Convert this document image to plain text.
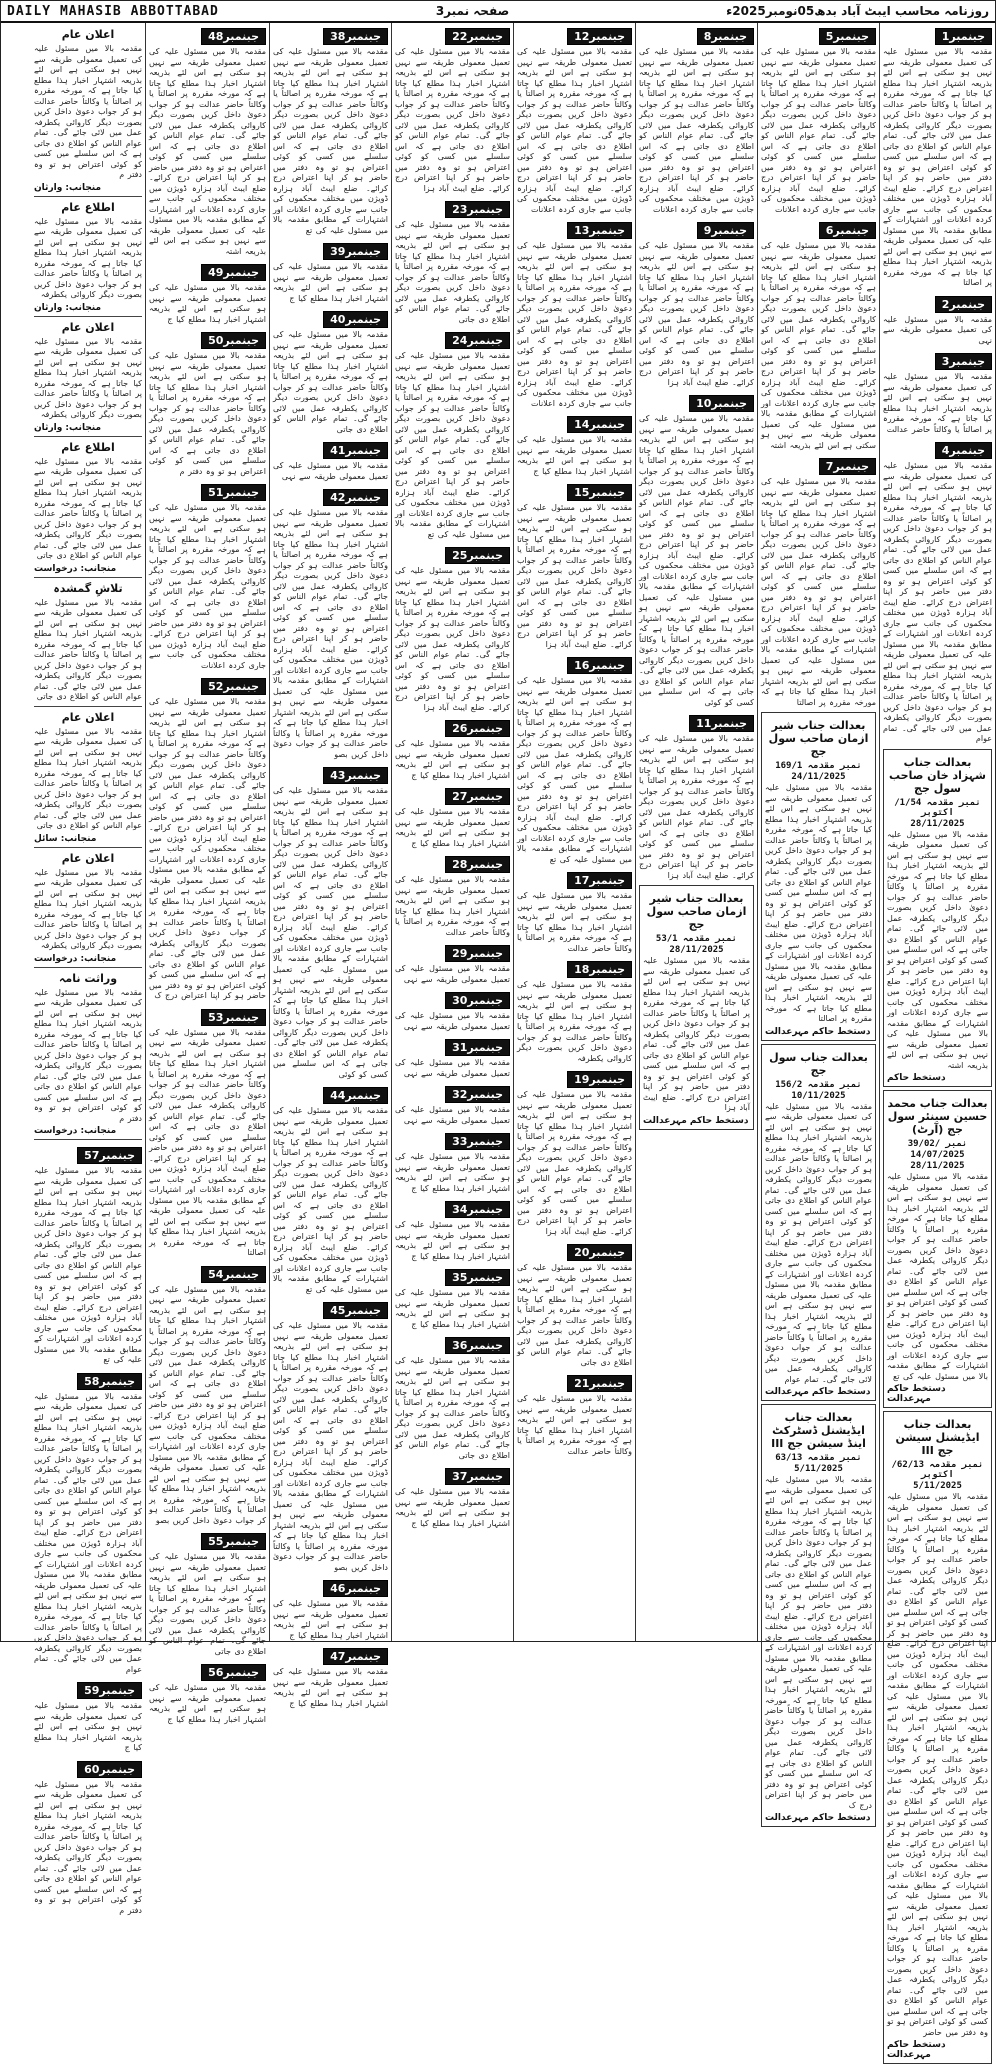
DAILY MAHASIB ABBOTTABAD	صفحہ نمبر3	روزنامہ محاسب ایبٹ آباد بدھ05نومبر2025ء
جبنمبر1
مقدمہ بالا میں مسئول علیہ کی تعمیل معمولی طریقہ سے نہیں ہو سکتی ہے اس لئے بذریعہ اشتہار اخبار ہذا مطلع کیا جاتا ہے کہ مورخہ مقررہ پر اصالتاً یا وکالتاً حاضر عدالت ہو کر جواب دعویٰ داخل کریں بصورت دیگر کاروائی یکطرفہ عمل میں لائی جائے گی۔ تمام عوام الناس کو اطلاع دی جاتی ہے کہ اس سلسلے میں کسی کو کوئی اعتراض ہو تو وہ دفتر میں حاضر ہو کر اپنا اعتراض درج کرائے۔ ضلع ایبٹ آباد ہزارہ ڈویژن میں مختلف محکموں کی جانب سے جاری کردہ اعلانات اور اشتہارات کے مطابق مقدمہ بالا میں مسئول علیہ کی تعمیل معمولی طریقہ سے نہیں ہو سکتی ہے اس لئے بذریعہ اشتہار اخبار ہذا مطلع کیا جاتا ہے کہ مورخہ مقررہ پر اصالتا
جبنمبر2
مقدمہ بالا میں مسئول علیہ کی تعمیل معمولی طریقہ سے نہی
جبنمبر3
مقدمہ بالا میں مسئول علیہ کی تعمیل معمولی طریقہ سے نہیں ہو سکتی ہے اس لئے بذریعہ اشتہار اخبار ہذا مطلع کیا جاتا ہے کہ مورخہ مقررہ پر اصالتاً یا وکالتاً حاضر عدالت
جبنمبر4
مقدمہ بالا میں مسئول علیہ کی تعمیل معمولی طریقہ سے نہیں ہو سکتی ہے اس لئے بذریعہ اشتہار اخبار ہذا مطلع کیا جاتا ہے کہ مورخہ مقررہ پر اصالتاً یا وکالتاً حاضر عدالت ہو کر جواب دعویٰ داخل کریں بصورت دیگر کاروائی یکطرفہ عمل میں لائی جائے گی۔ تمام عوام الناس کو اطلاع دی جاتی ہے کہ اس سلسلے میں کسی کو کوئی اعتراض ہو تو وہ دفتر میں حاضر ہو کر اپنا اعتراض درج کرائے۔ ضلع ایبٹ آباد ہزارہ ڈویژن میں مختلف محکموں کی جانب سے جاری کردہ اعلانات اور اشتہارات کے مطابق مقدمہ بالا میں مسئول علیہ کی تعمیل معمولی طریقہ سے نہیں ہو سکتی ہے اس لئے بذریعہ اشتہار اخبار ہذا مطلع کیا جاتا ہے کہ مورخہ مقررہ پر اصالتاً یا وکالتاً حاضر عدالت ہو کر جواب دعویٰ داخل کریں بصورت دیگر کاروائی یکطرفہ عمل میں لائی جائے گی۔ تمام عوام
بعدالت جناب شہزاد خان صاحب سول جج
نمبر مقدمہ 1/54/اکتوبر
28/11/2025
مقدمہ بالا میں مسئول علیہ کی تعمیل معمولی طریقہ سے نہیں ہو سکتی ہے اس لئے بذریعہ اشتہار اخبار ہذا مطلع کیا جاتا ہے کہ مورخہ مقررہ پر اصالتاً یا وکالتاً حاضر عدالت ہو کر جواب دعویٰ داخل کریں بصورت دیگر کاروائی یکطرفہ عمل میں لائی جائے گی۔ تمام عوام الناس کو اطلاع دی جاتی ہے کہ اس سلسلے میں کسی کو کوئی اعتراض ہو تو وہ دفتر میں حاضر ہو کر اپنا اعتراض درج کرائے۔ ضلع ایبٹ آباد ہزارہ ڈویژن میں مختلف محکموں کی جانب سے جاری کردہ اعلانات اور اشتہارات کے مطابق مقدمہ بالا میں مسئول علیہ کی تعمیل معمولی طریقہ سے نہیں ہو سکتی ہے اس لئے بذریعہ اشتہ
دستخط حاکم
بعدالت جناب محمد حسین سینئر سول جج (آرٹ)
39/02/ نمبر
14/07/2025
28/11/2025
مقدمہ بالا میں مسئول علیہ کی تعمیل معمولی طریقہ سے نہیں ہو سکتی ہے اس لئے بذریعہ اشتہار اخبار ہذا مطلع کیا جاتا ہے کہ مورخہ مقررہ پر اصالتاً یا وکالتاً حاضر عدالت ہو کر جواب دعویٰ داخل کریں بصورت دیگر کاروائی یکطرفہ عمل میں لائی جائے گی۔ تمام عوام الناس کو اطلاع دی جاتی ہے کہ اس سلسلے میں کسی کو کوئی اعتراض ہو تو وہ دفتر میں حاضر ہو کر اپنا اعتراض درج کرائے۔ ضلع ایبٹ آباد ہزارہ ڈویژن میں مختلف محکموں کی جانب سے جاری کردہ اعلانات اور اشتہارات کے مطابق مقدمہ بالا میں مسئول علیہ کی تع
دستخط حاکم مہرعدالت
بعدالت جناب ایڈیشنل سیشن جج III
نمبر مقدمہ 62/13/ اکتوبر
5/11/2025
مقدمہ بالا میں مسئول علیہ کی تعمیل معمولی طریقہ سے نہیں ہو سکتی ہے اس لئے بذریعہ اشتہار اخبار ہذا مطلع کیا جاتا ہے کہ مورخہ مقررہ پر اصالتاً یا وکالتاً حاضر عدالت ہو کر جواب دعویٰ داخل کریں بصورت دیگر کاروائی یکطرفہ عمل میں لائی جائے گی۔ تمام عوام الناس کو اطلاع دی جاتی ہے کہ اس سلسلے میں کسی کو کوئی اعتراض ہو تو وہ دفتر میں حاضر ہو کر اپنا اعتراض درج کرائے۔ ضلع ایبٹ آباد ہزارہ ڈویژن میں مختلف محکموں کی جانب سے جاری کردہ اعلانات اور اشتہارات کے مطابق مقدمہ بالا میں مسئول علیہ کی تعمیل معمولی طریقہ سے نہیں ہو سکتی ہے اس لئے بذریعہ اشتہار اخبار ہذا مطلع کیا جاتا ہے کہ مورخہ مقررہ پر اصالتاً یا وکالتاً حاضر عدالت ہو کر جواب دعویٰ داخل کریں بصورت دیگر کاروائی یکطرفہ عمل میں لائی جائے گی۔ تمام عوام الناس کو اطلاع دی جاتی ہے کہ اس سلسلے میں کسی کو کوئی اعتراض ہو تو وہ دفتر میں حاضر ہو کر اپنا اعتراض درج کرائے۔ ضلع ایبٹ آباد ہزارہ ڈویژن میں مختلف محکموں کی جانب سے جاری کردہ اعلانات اور اشتہارات کے مطابق مقدمہ بالا میں مسئول علیہ کی تعمیل معمولی طریقہ سے نہیں ہو سکتی ہے اس لئے بذریعہ اشتہار اخبار ہذا مطلع کیا جاتا ہے کہ مورخہ مقررہ پر اصالتاً یا وکالتاً حاضر عدالت ہو کر جواب دعویٰ داخل کریں بصورت دیگر کاروائی یکطرفہ عمل میں لائی جائے گی۔ تمام عوام الناس کو اطلاع دی جاتی ہے کہ اس سلسلے میں کسی کو کوئی اعتراض ہو تو وہ دفتر میں حاضر
دستخط حاکم مہرعدالت
جبنمبر5
مقدمہ بالا میں مسئول علیہ کی تعمیل معمولی طریقہ سے نہیں ہو سکتی ہے اس لئے بذریعہ اشتہار اخبار ہذا مطلع کیا جاتا ہے کہ مورخہ مقررہ پر اصالتاً یا وکالتاً حاضر عدالت ہو کر جواب دعویٰ داخل کریں بصورت دیگر کاروائی یکطرفہ عمل میں لائی جائے گی۔ تمام عوام الناس کو اطلاع دی جاتی ہے کہ اس سلسلے میں کسی کو کوئی اعتراض ہو تو وہ دفتر میں حاضر ہو کر اپنا اعتراض درج کرائے۔ ضلع ایبٹ آباد ہزارہ ڈویژن میں مختلف محکموں کی جانب سے جاری کردہ اعلانات
جبنمبر6
مقدمہ بالا میں مسئول علیہ کی تعمیل معمولی طریقہ سے نہیں ہو سکتی ہے اس لئے بذریعہ اشتہار اخبار ہذا مطلع کیا جاتا ہے کہ مورخہ مقررہ پر اصالتاً یا وکالتاً حاضر عدالت ہو کر جواب دعویٰ داخل کریں بصورت دیگر کاروائی یکطرفہ عمل میں لائی جائے گی۔ تمام عوام الناس کو اطلاع دی جاتی ہے کہ اس سلسلے میں کسی کو کوئی اعتراض ہو تو وہ دفتر میں حاضر ہو کر اپنا اعتراض درج کرائے۔ ضلع ایبٹ آباد ہزارہ ڈویژن میں مختلف محکموں کی جانب سے جاری کردہ اعلانات اور اشتہارات کے مطابق مقدمہ بالا میں مسئول علیہ کی تعمیل معمولی طریقہ سے نہیں ہو سکتی ہے اس لئے بذریعہ اشتہ
جبنمبر7
مقدمہ بالا میں مسئول علیہ کی تعمیل معمولی طریقہ سے نہیں ہو سکتی ہے اس لئے بذریعہ اشتہار اخبار ہذا مطلع کیا جاتا ہے کہ مورخہ مقررہ پر اصالتاً یا وکالتاً حاضر عدالت ہو کر جواب دعویٰ داخل کریں بصورت دیگر کاروائی یکطرفہ عمل میں لائی جائے گی۔ تمام عوام الناس کو اطلاع دی جاتی ہے کہ اس سلسلے میں کسی کو کوئی اعتراض ہو تو وہ دفتر میں حاضر ہو کر اپنا اعتراض درج کرائے۔ ضلع ایبٹ آباد ہزارہ ڈویژن میں مختلف محکموں کی جانب سے جاری کردہ اعلانات اور اشتہارات کے مطابق مقدمہ بالا میں مسئول علیہ کی تعمیل معمولی طریقہ سے نہیں ہو سکتی ہے اس لئے بذریعہ اشتہار اخبار ہذا مطلع کیا جاتا ہے کہ مورخہ مقررہ پر اصالتا
بعدالت جناب شیر ازمان صاحب سول جج
169/1 نمبر مقدمہ
24/11/2025
مقدمہ بالا میں مسئول علیہ کی تعمیل معمولی طریقہ سے نہیں ہو سکتی ہے اس لئے بذریعہ اشتہار اخبار ہذا مطلع کیا جاتا ہے کہ مورخہ مقررہ پر اصالتاً یا وکالتاً حاضر عدالت ہو کر جواب دعویٰ داخل کریں بصورت دیگر کاروائی یکطرفہ عمل میں لائی جائے گی۔ تمام عوام الناس کو اطلاع دی جاتی ہے کہ اس سلسلے میں کسی کو کوئی اعتراض ہو تو وہ دفتر میں حاضر ہو کر اپنا اعتراض درج کرائے۔ ضلع ایبٹ آباد ہزارہ ڈویژن میں مختلف محکموں کی جانب سے جاری کردہ اعلانات اور اشتہارات کے مطابق مقدمہ بالا میں مسئول علیہ کی تعمیل معمولی طریقہ سے نہیں ہو سکتی ہے اس لئے بذریعہ اشتہار اخبار ہذا مطلع کیا جاتا ہے کہ مورخہ مقررہ پر اصالتا
دستخط حاکم مہرعدالت
بعدالت جناب سول جج
156/2 نمبر مقدمہ
10/11/2025
مقدمہ بالا میں مسئول علیہ کی تعمیل معمولی طریقہ سے نہیں ہو سکتی ہے اس لئے بذریعہ اشتہار اخبار ہذا مطلع کیا جاتا ہے کہ مورخہ مقررہ پر اصالتاً یا وکالتاً حاضر عدالت ہو کر جواب دعویٰ داخل کریں بصورت دیگر کاروائی یکطرفہ عمل میں لائی جائے گی۔ تمام عوام الناس کو اطلاع دی جاتی ہے کہ اس سلسلے میں کسی کو کوئی اعتراض ہو تو وہ دفتر میں حاضر ہو کر اپنا اعتراض درج کرائے۔ ضلع ایبٹ آباد ہزارہ ڈویژن میں مختلف محکموں کی جانب سے جاری کردہ اعلانات اور اشتہارات کے مطابق مقدمہ بالا میں مسئول علیہ کی تعمیل معمولی طریقہ سے نہیں ہو سکتی ہے اس لئے بذریعہ اشتہار اخبار ہذا مطلع کیا جاتا ہے کہ مورخہ مقررہ پر اصالتاً یا وکالتاً حاضر عدالت ہو کر جواب دعویٰ داخل کریں بصورت دیگر کاروائی یکطرفہ عمل میں لائی جائے گی۔ تمام عوام
دستخط حاکم مہرعدالت
بعدالت جناب ایڈیشنل ڈسٹرکٹ اینڈ سیشن جج III
63/13 نمبر مقدمہ
5/11/2025
مقدمہ بالا میں مسئول علیہ کی تعمیل معمولی طریقہ سے نہیں ہو سکتی ہے اس لئے بذریعہ اشتہار اخبار ہذا مطلع کیا جاتا ہے کہ مورخہ مقررہ پر اصالتاً یا وکالتاً حاضر عدالت ہو کر جواب دعویٰ داخل کریں بصورت دیگر کاروائی یکطرفہ عمل میں لائی جائے گی۔ تمام عوام الناس کو اطلاع دی جاتی ہے کہ اس سلسلے میں کسی کو کوئی اعتراض ہو تو وہ دفتر میں حاضر ہو کر اپنا اعتراض درج کرائے۔ ضلع ایبٹ آباد ہزارہ ڈویژن میں مختلف محکموں کی جانب سے جاری کردہ اعلانات اور اشتہارات کے مطابق مقدمہ بالا میں مسئول علیہ کی تعمیل معمولی طریقہ سے نہیں ہو سکتی ہے اس لئے بذریعہ اشتہار اخبار ہذا مطلع کیا جاتا ہے کہ مورخہ مقررہ پر اصالتاً یا وکالتاً حاضر عدالت ہو کر جواب دعویٰ داخل کریں بصورت دیگر کاروائی یکطرفہ عمل میں لائی جائے گی۔ تمام عوام الناس کو اطلاع دی جاتی ہے کہ اس سلسلے میں کسی کو کوئی اعتراض ہو تو وہ دفتر میں حاضر ہو کر اپنا اعتراض درج ک
دستخط حاکم مہرعدالت
جبنمبر8
مقدمہ بالا میں مسئول علیہ کی تعمیل معمولی طریقہ سے نہیں ہو سکتی ہے اس لئے بذریعہ اشتہار اخبار ہذا مطلع کیا جاتا ہے کہ مورخہ مقررہ پر اصالتاً یا وکالتاً حاضر عدالت ہو کر جواب دعویٰ داخل کریں بصورت دیگر کاروائی یکطرفہ عمل میں لائی جائے گی۔ تمام عوام الناس کو اطلاع دی جاتی ہے کہ اس سلسلے میں کسی کو کوئی اعتراض ہو تو وہ دفتر میں حاضر ہو کر اپنا اعتراض درج کرائے۔ ضلع ایبٹ آباد ہزارہ ڈویژن میں مختلف محکموں کی جانب سے جاری کردہ اعلانات
جبنمبر9
مقدمہ بالا میں مسئول علیہ کی تعمیل معمولی طریقہ سے نہیں ہو سکتی ہے اس لئے بذریعہ اشتہار اخبار ہذا مطلع کیا جاتا ہے کہ مورخہ مقررہ پر اصالتاً یا وکالتاً حاضر عدالت ہو کر جواب دعویٰ داخل کریں بصورت دیگر کاروائی یکطرفہ عمل میں لائی جائے گی۔ تمام عوام الناس کو اطلاع دی جاتی ہے کہ اس سلسلے میں کسی کو کوئی اعتراض ہو تو وہ دفتر میں حاضر ہو کر اپنا اعتراض درج کرائے۔ ضلع ایبٹ آباد ہزا
جبنمبر10
مقدمہ بالا میں مسئول علیہ کی تعمیل معمولی طریقہ سے نہیں ہو سکتی ہے اس لئے بذریعہ اشتہار اخبار ہذا مطلع کیا جاتا ہے کہ مورخہ مقررہ پر اصالتاً یا وکالتاً حاضر عدالت ہو کر جواب دعویٰ داخل کریں بصورت دیگر کاروائی یکطرفہ عمل میں لائی جائے گی۔ تمام عوام الناس کو اطلاع دی جاتی ہے کہ اس سلسلے میں کسی کو کوئی اعتراض ہو تو وہ دفتر میں حاضر ہو کر اپنا اعتراض درج کرائے۔ ضلع ایبٹ آباد ہزارہ ڈویژن میں مختلف محکموں کی جانب سے جاری کردہ اعلانات اور اشتہارات کے مطابق مقدمہ بالا میں مسئول علیہ کی تعمیل معمولی طریقہ سے نہیں ہو سکتی ہے اس لئے بذریعہ اشتہار اخبار ہذا مطلع کیا جاتا ہے کہ مورخہ مقررہ پر اصالتاً یا وکالتاً حاضر عدالت ہو کر جواب دعویٰ داخل کریں بصورت دیگر کاروائی یکطرفہ عمل میں لائی جائے گی۔ تمام عوام الناس کو اطلاع دی جاتی ہے کہ اس سلسلے میں کسی کو کوئی
جبنمبر11
مقدمہ بالا میں مسئول علیہ کی تعمیل معمولی طریقہ سے نہیں ہو سکتی ہے اس لئے بذریعہ اشتہار اخبار ہذا مطلع کیا جاتا ہے کہ مورخہ مقررہ پر اصالتاً یا وکالتاً حاضر عدالت ہو کر جواب دعویٰ داخل کریں بصورت دیگر کاروائی یکطرفہ عمل میں لائی جائے گی۔ تمام عوام الناس کو اطلاع دی جاتی ہے کہ اس سلسلے میں کسی کو کوئی اعتراض ہو تو وہ دفتر میں حاضر ہو کر اپنا اعتراض درج کرائے۔ ضلع ایبٹ آباد ہزا
بعدالت جناب شیر ازمان صاحب سول جج
53/1 نمبر مقدمہ
28/11/2025
مقدمہ بالا میں مسئول علیہ کی تعمیل معمولی طریقہ سے نہیں ہو سکتی ہے اس لئے بذریعہ اشتہار اخبار ہذا مطلع کیا جاتا ہے کہ مورخہ مقررہ پر اصالتاً یا وکالتاً حاضر عدالت ہو کر جواب دعویٰ داخل کریں بصورت دیگر کاروائی یکطرفہ عمل میں لائی جائے گی۔ تمام عوام الناس کو اطلاع دی جاتی ہے کہ اس سلسلے میں کسی کو کوئی اعتراض ہو تو وہ دفتر میں حاضر ہو کر اپنا اعتراض درج کرائے۔ ضلع ایبٹ آباد ہزا
دستخط حاکم مہرعدالت
جبنمبر12
مقدمہ بالا میں مسئول علیہ کی تعمیل معمولی طریقہ سے نہیں ہو سکتی ہے اس لئے بذریعہ اشتہار اخبار ہذا مطلع کیا جاتا ہے کہ مورخہ مقررہ پر اصالتاً یا وکالتاً حاضر عدالت ہو کر جواب دعویٰ داخل کریں بصورت دیگر کاروائی یکطرفہ عمل میں لائی جائے گی۔ تمام عوام الناس کو اطلاع دی جاتی ہے کہ اس سلسلے میں کسی کو کوئی اعتراض ہو تو وہ دفتر میں حاضر ہو کر اپنا اعتراض درج کرائے۔ ضلع ایبٹ آباد ہزارہ ڈویژن میں مختلف محکموں کی جانب سے جاری کردہ اعلانات
جبنمبر13
مقدمہ بالا میں مسئول علیہ کی تعمیل معمولی طریقہ سے نہیں ہو سکتی ہے اس لئے بذریعہ اشتہار اخبار ہذا مطلع کیا جاتا ہے کہ مورخہ مقررہ پر اصالتاً یا وکالتاً حاضر عدالت ہو کر جواب دعویٰ داخل کریں بصورت دیگر کاروائی یکطرفہ عمل میں لائی جائے گی۔ تمام عوام الناس کو اطلاع دی جاتی ہے کہ اس سلسلے میں کسی کو کوئی اعتراض ہو تو وہ دفتر میں حاضر ہو کر اپنا اعتراض درج کرائے۔ ضلع ایبٹ آباد ہزارہ ڈویژن میں مختلف محکموں کی جانب سے جاری کردہ اعلانات
جبنمبر14
مقدمہ بالا میں مسئول علیہ کی تعمیل معمولی طریقہ سے نہیں ہو سکتی ہے اس لئے بذریعہ اشتہار اخبار ہذا مطلع کیا ج
جبنمبر15
مقدمہ بالا میں مسئول علیہ کی تعمیل معمولی طریقہ سے نہیں ہو سکتی ہے اس لئے بذریعہ اشتہار اخبار ہذا مطلع کیا جاتا ہے کہ مورخہ مقررہ پر اصالتاً یا وکالتاً حاضر عدالت ہو کر جواب دعویٰ داخل کریں بصورت دیگر کاروائی یکطرفہ عمل میں لائی جائے گی۔ تمام عوام الناس کو اطلاع دی جاتی ہے کہ اس سلسلے میں کسی کو کوئی اعتراض ہو تو وہ دفتر میں حاضر ہو کر اپنا اعتراض درج کرائے۔ ضلع ایبٹ آباد ہزا
جبنمبر16
مقدمہ بالا میں مسئول علیہ کی تعمیل معمولی طریقہ سے نہیں ہو سکتی ہے اس لئے بذریعہ اشتہار اخبار ہذا مطلع کیا جاتا ہے کہ مورخہ مقررہ پر اصالتاً یا وکالتاً حاضر عدالت ہو کر جواب دعویٰ داخل کریں بصورت دیگر کاروائی یکطرفہ عمل میں لائی جائے گی۔ تمام عوام الناس کو اطلاع دی جاتی ہے کہ اس سلسلے میں کسی کو کوئی اعتراض ہو تو وہ دفتر میں حاضر ہو کر اپنا اعتراض درج کرائے۔ ضلع ایبٹ آباد ہزارہ ڈویژن میں مختلف محکموں کی جانب سے جاری کردہ اعلانات اور اشتہارات کے مطابق مقدمہ بالا میں مسئول علیہ کی تع
جبنمبر17
مقدمہ بالا میں مسئول علیہ کی تعمیل معمولی طریقہ سے نہیں ہو سکتی ہے اس لئے بذریعہ اشتہار اخبار ہذا مطلع کیا جاتا ہے کہ مورخہ مقررہ پر اصالتاً یا وکالتاً حاضر عدالت
جبنمبر18
مقدمہ بالا میں مسئول علیہ کی تعمیل معمولی طریقہ سے نہیں ہو سکتی ہے اس لئے بذریعہ اشتہار اخبار ہذا مطلع کیا جاتا ہے کہ مورخہ مقررہ پر اصالتاً یا وکالتاً حاضر عدالت ہو کر جواب دعویٰ داخل کریں بصورت دیگر کاروائی یکطرفہ
جبنمبر19
مقدمہ بالا میں مسئول علیہ کی تعمیل معمولی طریقہ سے نہیں ہو سکتی ہے اس لئے بذریعہ اشتہار اخبار ہذا مطلع کیا جاتا ہے کہ مورخہ مقررہ پر اصالتاً یا وکالتاً حاضر عدالت ہو کر جواب دعویٰ داخل کریں بصورت دیگر کاروائی یکطرفہ عمل میں لائی جائے گی۔ تمام عوام الناس کو اطلاع دی جاتی ہے کہ اس سلسلے میں کسی کو کوئی اعتراض ہو تو وہ دفتر میں حاضر ہو کر اپنا اعتراض درج کرائے۔ ضلع ایبٹ آباد ہزا
جبنمبر20
مقدمہ بالا میں مسئول علیہ کی تعمیل معمولی طریقہ سے نہیں ہو سکتی ہے اس لئے بذریعہ اشتہار اخبار ہذا مطلع کیا جاتا ہے کہ مورخہ مقررہ پر اصالتاً یا وکالتاً حاضر عدالت ہو کر جواب دعویٰ داخل کریں بصورت دیگر کاروائی یکطرفہ عمل میں لائی جائے گی۔ تمام عوام الناس کو اطلاع دی جاتی
جبنمبر21
مقدمہ بالا میں مسئول علیہ کی تعمیل معمولی طریقہ سے نہیں ہو سکتی ہے اس لئے بذریعہ اشتہار اخبار ہذا مطلع کیا جاتا ہے کہ مورخہ مقررہ پر اصالتاً یا وکالتاً حاضر عدالت
جبنمبر22
مقدمہ بالا میں مسئول علیہ کی تعمیل معمولی طریقہ سے نہیں ہو سکتی ہے اس لئے بذریعہ اشتہار اخبار ہذا مطلع کیا جاتا ہے کہ مورخہ مقررہ پر اصالتاً یا وکالتاً حاضر عدالت ہو کر جواب دعویٰ داخل کریں بصورت دیگر کاروائی یکطرفہ عمل میں لائی جائے گی۔ تمام عوام الناس کو اطلاع دی جاتی ہے کہ اس سلسلے میں کسی کو کوئی اعتراض ہو تو وہ دفتر میں حاضر ہو کر اپنا اعتراض درج کرائے۔ ضلع ایبٹ آباد ہزا
جبنمبر23
مقدمہ بالا میں مسئول علیہ کی تعمیل معمولی طریقہ سے نہیں ہو سکتی ہے اس لئے بذریعہ اشتہار اخبار ہذا مطلع کیا جاتا ہے کہ مورخہ مقررہ پر اصالتاً یا وکالتاً حاضر عدالت ہو کر جواب دعویٰ داخل کریں بصورت دیگر کاروائی یکطرفہ عمل میں لائی جائے گی۔ تمام عوام الناس کو اطلاع دی جاتی
جبنمبر24
مقدمہ بالا میں مسئول علیہ کی تعمیل معمولی طریقہ سے نہیں ہو سکتی ہے اس لئے بذریعہ اشتہار اخبار ہذا مطلع کیا جاتا ہے کہ مورخہ مقررہ پر اصالتاً یا وکالتاً حاضر عدالت ہو کر جواب دعویٰ داخل کریں بصورت دیگر کاروائی یکطرفہ عمل میں لائی جائے گی۔ تمام عوام الناس کو اطلاع دی جاتی ہے کہ اس سلسلے میں کسی کو کوئی اعتراض ہو تو وہ دفتر میں حاضر ہو کر اپنا اعتراض درج کرائے۔ ضلع ایبٹ آباد ہزارہ ڈویژن میں مختلف محکموں کی جانب سے جاری کردہ اعلانات اور اشتہارات کے مطابق مقدمہ بالا میں مسئول علیہ کی تع
جبنمبر25
مقدمہ بالا میں مسئول علیہ کی تعمیل معمولی طریقہ سے نہیں ہو سکتی ہے اس لئے بذریعہ اشتہار اخبار ہذا مطلع کیا جاتا ہے کہ مورخہ مقررہ پر اصالتاً یا وکالتاً حاضر عدالت ہو کر جواب دعویٰ داخل کریں بصورت دیگر کاروائی یکطرفہ عمل میں لائی جائے گی۔ تمام عوام الناس کو اطلاع دی جاتی ہے کہ اس سلسلے میں کسی کو کوئی اعتراض ہو تو وہ دفتر میں حاضر ہو کر اپنا اعتراض درج کرائے۔ ضلع ایبٹ آباد ہزا
جبنمبر26
مقدمہ بالا میں مسئول علیہ کی تعمیل معمولی طریقہ سے نہیں ہو سکتی ہے اس لئے بذریعہ اشتہار اخبار ہذا مطلع کیا ج
جبنمبر27
مقدمہ بالا میں مسئول علیہ کی تعمیل معمولی طریقہ سے نہیں ہو سکتی ہے اس لئے بذریعہ اشتہار اخبار ہذا مطلع کیا ج
جبنمبر28
مقدمہ بالا میں مسئول علیہ کی تعمیل معمولی طریقہ سے نہیں ہو سکتی ہے اس لئے بذریعہ اشتہار اخبار ہذا مطلع کیا جاتا ہے کہ مورخہ مقررہ پر اصالتاً یا وکالتاً حاضر عدالت
جبنمبر29
مقدمہ بالا میں مسئول علیہ کی تعمیل معمولی طریقہ سے نہی
جبنمبر30
مقدمہ بالا میں مسئول علیہ کی تعمیل معمولی طریقہ سے نہی
جبنمبر31
مقدمہ بالا میں مسئول علیہ کی تعمیل معمولی طریقہ سے نہی
جبنمبر32
مقدمہ بالا میں مسئول علیہ کی تعمیل معمولی طریقہ سے نہی
جبنمبر33
مقدمہ بالا میں مسئول علیہ کی تعمیل معمولی طریقہ سے نہیں ہو سکتی ہے اس لئے بذریعہ اشتہار اخبار ہذا مطلع کیا ج
جبنمبر34
مقدمہ بالا میں مسئول علیہ کی تعمیل معمولی طریقہ سے نہیں ہو سکتی ہے اس لئے بذریعہ اشتہار اخبار ہذا مطلع کیا ج
جبنمبر35
مقدمہ بالا میں مسئول علیہ کی تعمیل معمولی طریقہ سے نہیں ہو سکتی ہے اس لئے بذریعہ اشتہار اخبار ہذا مطلع کیا ج
جبنمبر36
مقدمہ بالا میں مسئول علیہ کی تعمیل معمولی طریقہ سے نہیں ہو سکتی ہے اس لئے بذریعہ اشتہار اخبار ہذا مطلع کیا جاتا ہے کہ مورخہ مقررہ پر اصالتاً یا وکالتاً حاضر عدالت ہو کر جواب دعویٰ داخل کریں بصورت دیگر کاروائی یکطرفہ عمل میں لائی جائے گی۔ تمام عوام الناس کو اطلاع دی جاتی
جبنمبر37
مقدمہ بالا میں مسئول علیہ کی تعمیل معمولی طریقہ سے نہیں ہو سکتی ہے اس لئے بذریعہ اشتہار اخبار ہذا مطلع کیا ج
جبنمبر38
مقدمہ بالا میں مسئول علیہ کی تعمیل معمولی طریقہ سے نہیں ہو سکتی ہے اس لئے بذریعہ اشتہار اخبار ہذا مطلع کیا جاتا ہے کہ مورخہ مقررہ پر اصالتاً یا وکالتاً حاضر عدالت ہو کر جواب دعویٰ داخل کریں بصورت دیگر کاروائی یکطرفہ عمل میں لائی جائے گی۔ تمام عوام الناس کو اطلاع دی جاتی ہے کہ اس سلسلے میں کسی کو کوئی اعتراض ہو تو وہ دفتر میں حاضر ہو کر اپنا اعتراض درج کرائے۔ ضلع ایبٹ آباد ہزارہ ڈویژن میں مختلف محکموں کی جانب سے جاری کردہ اعلانات اور اشتہارات کے مطابق مقدمہ بالا میں مسئول علیہ کی تع
جبنمبر39
مقدمہ بالا میں مسئول علیہ کی تعمیل معمولی طریقہ سے نہیں ہو سکتی ہے اس لئے بذریعہ اشتہار اخبار ہذا مطلع کیا ج
جبنمبر40
مقدمہ بالا میں مسئول علیہ کی تعمیل معمولی طریقہ سے نہیں ہو سکتی ہے اس لئے بذریعہ اشتہار اخبار ہذا مطلع کیا جاتا ہے کہ مورخہ مقررہ پر اصالتاً یا وکالتاً حاضر عدالت ہو کر جواب دعویٰ داخل کریں بصورت دیگر کاروائی یکطرفہ عمل میں لائی جائے گی۔ تمام عوام الناس کو اطلاع دی جاتی
جبنمبر41
مقدمہ بالا میں مسئول علیہ کی تعمیل معمولی طریقہ سے نہی
جبنمبر42
مقدمہ بالا میں مسئول علیہ کی تعمیل معمولی طریقہ سے نہیں ہو سکتی ہے اس لئے بذریعہ اشتہار اخبار ہذا مطلع کیا جاتا ہے کہ مورخہ مقررہ پر اصالتاً یا وکالتاً حاضر عدالت ہو کر جواب دعویٰ داخل کریں بصورت دیگر کاروائی یکطرفہ عمل میں لائی جائے گی۔ تمام عوام الناس کو اطلاع دی جاتی ہے کہ اس سلسلے میں کسی کو کوئی اعتراض ہو تو وہ دفتر میں حاضر ہو کر اپنا اعتراض درج کرائے۔ ضلع ایبٹ آباد ہزارہ ڈویژن میں مختلف محکموں کی جانب سے جاری کردہ اعلانات اور اشتہارات کے مطابق مقدمہ بالا میں مسئول علیہ کی تعمیل معمولی طریقہ سے نہیں ہو سکتی ہے اس لئے بذریعہ اشتہار اخبار ہذا مطلع کیا جاتا ہے کہ مورخہ مقررہ پر اصالتاً یا وکالتاً حاضر عدالت ہو کر جواب دعویٰ داخل کریں بصو
جبنمبر43
مقدمہ بالا میں مسئول علیہ کی تعمیل معمولی طریقہ سے نہیں ہو سکتی ہے اس لئے بذریعہ اشتہار اخبار ہذا مطلع کیا جاتا ہے کہ مورخہ مقررہ پر اصالتاً یا وکالتاً حاضر عدالت ہو کر جواب دعویٰ داخل کریں بصورت دیگر کاروائی یکطرفہ عمل میں لائی جائے گی۔ تمام عوام الناس کو اطلاع دی جاتی ہے کہ اس سلسلے میں کسی کو کوئی اعتراض ہو تو وہ دفتر میں حاضر ہو کر اپنا اعتراض درج کرائے۔ ضلع ایبٹ آباد ہزارہ ڈویژن میں مختلف محکموں کی جانب سے جاری کردہ اعلانات اور اشتہارات کے مطابق مقدمہ بالا میں مسئول علیہ کی تعمیل معمولی طریقہ سے نہیں ہو سکتی ہے اس لئے بذریعہ اشتہار اخبار ہذا مطلع کیا جاتا ہے کہ مورخہ مقررہ پر اصالتاً یا وکالتاً حاضر عدالت ہو کر جواب دعویٰ داخل کریں بصورت دیگر کاروائی یکطرفہ عمل میں لائی جائے گی۔ تمام عوام الناس کو اطلاع دی جاتی ہے کہ اس سلسلے میں کسی کو کوئی
جبنمبر44
مقدمہ بالا میں مسئول علیہ کی تعمیل معمولی طریقہ سے نہیں ہو سکتی ہے اس لئے بذریعہ اشتہار اخبار ہذا مطلع کیا جاتا ہے کہ مورخہ مقررہ پر اصالتاً یا وکالتاً حاضر عدالت ہو کر جواب دعویٰ داخل کریں بصورت دیگر کاروائی یکطرفہ عمل میں لائی جائے گی۔ تمام عوام الناس کو اطلاع دی جاتی ہے کہ اس سلسلے میں کسی کو کوئی اعتراض ہو تو وہ دفتر میں حاضر ہو کر اپنا اعتراض درج کرائے۔ ضلع ایبٹ آباد ہزارہ ڈویژن میں مختلف محکموں کی جانب سے جاری کردہ اعلانات اور اشتہارات کے مطابق مقدمہ بالا میں مسئول علیہ کی تع
جبنمبر45
مقدمہ بالا میں مسئول علیہ کی تعمیل معمولی طریقہ سے نہیں ہو سکتی ہے اس لئے بذریعہ اشتہار اخبار ہذا مطلع کیا جاتا ہے کہ مورخہ مقررہ پر اصالتاً یا وکالتاً حاضر عدالت ہو کر جواب دعویٰ داخل کریں بصورت دیگر کاروائی یکطرفہ عمل میں لائی جائے گی۔ تمام عوام الناس کو اطلاع دی جاتی ہے کہ اس سلسلے میں کسی کو کوئی اعتراض ہو تو وہ دفتر میں حاضر ہو کر اپنا اعتراض درج کرائے۔ ضلع ایبٹ آباد ہزارہ ڈویژن میں مختلف محکموں کی جانب سے جاری کردہ اعلانات اور اشتہارات کے مطابق مقدمہ بالا میں مسئول علیہ کی تعمیل معمولی طریقہ سے نہیں ہو سکتی ہے اس لئے بذریعہ اشتہار اخبار ہذا مطلع کیا جاتا ہے کہ مورخہ مقررہ پر اصالتاً یا وکالتاً حاضر عدالت ہو کر جواب دعویٰ داخل کریں بصو
جبنمبر46
مقدمہ بالا میں مسئول علیہ کی تعمیل معمولی طریقہ سے نہیں ہو سکتی ہے اس لئے بذریعہ اشتہار اخبار ہذا مطلع کیا ج
جبنمبر47
مقدمہ بالا میں مسئول علیہ کی تعمیل معمولی طریقہ سے نہیں ہو سکتی ہے اس لئے بذریعہ اشتہار اخبار ہذا مطلع کیا ج
جبنمبر48
مقدمہ بالا میں مسئول علیہ کی تعمیل معمولی طریقہ سے نہیں ہو سکتی ہے اس لئے بذریعہ اشتہار اخبار ہذا مطلع کیا جاتا ہے کہ مورخہ مقررہ پر اصالتاً یا وکالتاً حاضر عدالت ہو کر جواب دعویٰ داخل کریں بصورت دیگر کاروائی یکطرفہ عمل میں لائی جائے گی۔ تمام عوام الناس کو اطلاع دی جاتی ہے کہ اس سلسلے میں کسی کو کوئی اعتراض ہو تو وہ دفتر میں حاضر ہو کر اپنا اعتراض درج کرائے۔ ضلع ایبٹ آباد ہزارہ ڈویژن میں مختلف محکموں کی جانب سے جاری کردہ اعلانات اور اشتہارات کے مطابق مقدمہ بالا میں مسئول علیہ کی تعمیل معمولی طریقہ سے نہیں ہو سکتی ہے اس لئے بذریعہ اشتہ
جبنمبر49
مقدمہ بالا میں مسئول علیہ کی تعمیل معمولی طریقہ سے نہیں ہو سکتی ہے اس لئے بذریعہ اشتہار اخبار ہذا مطلع کیا ج
جبنمبر50
مقدمہ بالا میں مسئول علیہ کی تعمیل معمولی طریقہ سے نہیں ہو سکتی ہے اس لئے بذریعہ اشتہار اخبار ہذا مطلع کیا جاتا ہے کہ مورخہ مقررہ پر اصالتاً یا وکالتاً حاضر عدالت ہو کر جواب دعویٰ داخل کریں بصورت دیگر کاروائی یکطرفہ عمل میں لائی جائے گی۔ تمام عوام الناس کو اطلاع دی جاتی ہے کہ اس سلسلے میں کسی کو کوئی اعتراض ہو تو وہ دفتر م
جبنمبر51
مقدمہ بالا میں مسئول علیہ کی تعمیل معمولی طریقہ سے نہیں ہو سکتی ہے اس لئے بذریعہ اشتہار اخبار ہذا مطلع کیا جاتا ہے کہ مورخہ مقررہ پر اصالتاً یا وکالتاً حاضر عدالت ہو کر جواب دعویٰ داخل کریں بصورت دیگر کاروائی یکطرفہ عمل میں لائی جائے گی۔ تمام عوام الناس کو اطلاع دی جاتی ہے کہ اس سلسلے میں کسی کو کوئی اعتراض ہو تو وہ دفتر میں حاضر ہو کر اپنا اعتراض درج کرائے۔ ضلع ایبٹ آباد ہزارہ ڈویژن میں مختلف محکموں کی جانب سے جاری کردہ اعلانات
جبنمبر52
مقدمہ بالا میں مسئول علیہ کی تعمیل معمولی طریقہ سے نہیں ہو سکتی ہے اس لئے بذریعہ اشتہار اخبار ہذا مطلع کیا جاتا ہے کہ مورخہ مقررہ پر اصالتاً یا وکالتاً حاضر عدالت ہو کر جواب دعویٰ داخل کریں بصورت دیگر کاروائی یکطرفہ عمل میں لائی جائے گی۔ تمام عوام الناس کو اطلاع دی جاتی ہے کہ اس سلسلے میں کسی کو کوئی اعتراض ہو تو وہ دفتر میں حاضر ہو کر اپنا اعتراض درج کرائے۔ ضلع ایبٹ آباد ہزارہ ڈویژن میں مختلف محکموں کی جانب سے جاری کردہ اعلانات اور اشتہارات کے مطابق مقدمہ بالا میں مسئول علیہ کی تعمیل معمولی طریقہ سے نہیں ہو سکتی ہے اس لئے بذریعہ اشتہار اخبار ہذا مطلع کیا جاتا ہے کہ مورخہ مقررہ پر اصالتاً یا وکالتاً حاضر عدالت ہو کر جواب دعویٰ داخل کریں بصورت دیگر کاروائی یکطرفہ عمل میں لائی جائے گی۔ تمام عوام الناس کو اطلاع دی جاتی ہے کہ اس سلسلے میں کسی کو کوئی اعتراض ہو تو وہ دفتر میں حاضر ہو کر اپنا اعتراض درج ک
جبنمبر53
مقدمہ بالا میں مسئول علیہ کی تعمیل معمولی طریقہ سے نہیں ہو سکتی ہے اس لئے بذریعہ اشتہار اخبار ہذا مطلع کیا جاتا ہے کہ مورخہ مقررہ پر اصالتاً یا وکالتاً حاضر عدالت ہو کر جواب دعویٰ داخل کریں بصورت دیگر کاروائی یکطرفہ عمل میں لائی جائے گی۔ تمام عوام الناس کو اطلاع دی جاتی ہے کہ اس سلسلے میں کسی کو کوئی اعتراض ہو تو وہ دفتر میں حاضر ہو کر اپنا اعتراض درج کرائے۔ ضلع ایبٹ آباد ہزارہ ڈویژن میں مختلف محکموں کی جانب سے جاری کردہ اعلانات اور اشتہارات کے مطابق مقدمہ بالا میں مسئول علیہ کی تعمیل معمولی طریقہ سے نہیں ہو سکتی ہے اس لئے بذریعہ اشتہار اخبار ہذا مطلع کیا جاتا ہے کہ مورخہ مقررہ پر اصالتا
جبنمبر54
مقدمہ بالا میں مسئول علیہ کی تعمیل معمولی طریقہ سے نہیں ہو سکتی ہے اس لئے بذریعہ اشتہار اخبار ہذا مطلع کیا جاتا ہے کہ مورخہ مقررہ پر اصالتاً یا وکالتاً حاضر عدالت ہو کر جواب دعویٰ داخل کریں بصورت دیگر کاروائی یکطرفہ عمل میں لائی جائے گی۔ تمام عوام الناس کو اطلاع دی جاتی ہے کہ اس سلسلے میں کسی کو کوئی اعتراض ہو تو وہ دفتر میں حاضر ہو کر اپنا اعتراض درج کرائے۔ ضلع ایبٹ آباد ہزارہ ڈویژن میں مختلف محکموں کی جانب سے جاری کردہ اعلانات اور اشتہارات کے مطابق مقدمہ بالا میں مسئول علیہ کی تعمیل معمولی طریقہ سے نہیں ہو سکتی ہے اس لئے بذریعہ اشتہار اخبار ہذا مطلع کیا جاتا ہے کہ مورخہ مقررہ پر اصالتاً یا وکالتاً حاضر عدالت ہو کر جواب دعویٰ داخل کریں بصو
جبنمبر55
مقدمہ بالا میں مسئول علیہ کی تعمیل معمولی طریقہ سے نہیں ہو سکتی ہے اس لئے بذریعہ اشتہار اخبار ہذا مطلع کیا جاتا ہے کہ مورخہ مقررہ پر اصالتاً یا وکالتاً حاضر عدالت ہو کر جواب دعویٰ داخل کریں بصورت دیگر کاروائی یکطرفہ عمل میں لائی جائے گی۔ تمام عوام الناس کو اطلاع دی جاتی
جبنمبر56
مقدمہ بالا میں مسئول علیہ کی تعمیل معمولی طریقہ سے نہیں ہو سکتی ہے اس لئے بذریعہ اشتہار اخبار ہذا مطلع کیا ج
اعلان عام
مقدمہ بالا میں مسئول علیہ کی تعمیل معمولی طریقہ سے نہیں ہو سکتی ہے اس لئے بذریعہ اشتہار اخبار ہذا مطلع کیا جاتا ہے کہ مورخہ مقررہ پر اصالتاً یا وکالتاً حاضر عدالت ہو کر جواب دعویٰ داخل کریں بصورت دیگر کاروائی یکطرفہ عمل میں لائی جائے گی۔ تمام عوام الناس کو اطلاع دی جاتی ہے کہ اس سلسلے میں کسی کو کوئی اعتراض ہو تو وہ دفتر م
منجانب: وارثان
اطلاع عام
مقدمہ بالا میں مسئول علیہ کی تعمیل معمولی طریقہ سے نہیں ہو سکتی ہے اس لئے بذریعہ اشتہار اخبار ہذا مطلع کیا جاتا ہے کہ مورخہ مقررہ پر اصالتاً یا وکالتاً حاضر عدالت ہو کر جواب دعویٰ داخل کریں بصورت دیگر کاروائی یکطرفہ
منجانب: وارثان
اعلان عام
مقدمہ بالا میں مسئول علیہ کی تعمیل معمولی طریقہ سے نہیں ہو سکتی ہے اس لئے بذریعہ اشتہار اخبار ہذا مطلع کیا جاتا ہے کہ مورخہ مقررہ پر اصالتاً یا وکالتاً حاضر عدالت ہو کر جواب دعویٰ داخل کریں بصورت دیگر کاروائی یکطرفہ
منجانب: وارثان
اطلاع عام
مقدمہ بالا میں مسئول علیہ کی تعمیل معمولی طریقہ سے نہیں ہو سکتی ہے اس لئے بذریعہ اشتہار اخبار ہذا مطلع کیا جاتا ہے کہ مورخہ مقررہ پر اصالتاً یا وکالتاً حاضر عدالت ہو کر جواب دعویٰ داخل کریں بصورت دیگر کاروائی یکطرفہ عمل میں لائی جائے گی۔ تمام عوام الناس کو اطلاع دی جاتی
منجانب: درخواست
تلاشِ گمشدہ
مقدمہ بالا میں مسئول علیہ کی تعمیل معمولی طریقہ سے نہیں ہو سکتی ہے اس لئے بذریعہ اشتہار اخبار ہذا مطلع کیا جاتا ہے کہ مورخہ مقررہ پر اصالتاً یا وکالتاً حاضر عدالت ہو کر جواب دعویٰ داخل کریں بصورت دیگر کاروائی یکطرفہ عمل میں لائی جائے گی۔ تمام عوام الناس کو اطلاع دی جاتی
اعلان عام
مقدمہ بالا میں مسئول علیہ کی تعمیل معمولی طریقہ سے نہیں ہو سکتی ہے اس لئے بذریعہ اشتہار اخبار ہذا مطلع کیا جاتا ہے کہ مورخہ مقررہ پر اصالتاً یا وکالتاً حاضر عدالت ہو کر جواب دعویٰ داخل کریں بصورت دیگر کاروائی یکطرفہ عمل میں لائی جائے گی۔ تمام عوام الناس کو اطلاع دی جاتی
منجانب: سائل
اعلان عام
مقدمہ بالا میں مسئول علیہ کی تعمیل معمولی طریقہ سے نہیں ہو سکتی ہے اس لئے بذریعہ اشتہار اخبار ہذا مطلع کیا جاتا ہے کہ مورخہ مقررہ پر اصالتاً یا وکالتاً حاضر عدالت ہو کر جواب دعویٰ داخل کریں بصورت دیگر کاروائی یکطرفہ
منجانب: درخواست
وراثت نامہ
مقدمہ بالا میں مسئول علیہ کی تعمیل معمولی طریقہ سے نہیں ہو سکتی ہے اس لئے بذریعہ اشتہار اخبار ہذا مطلع کیا جاتا ہے کہ مورخہ مقررہ پر اصالتاً یا وکالتاً حاضر عدالت ہو کر جواب دعویٰ داخل کریں بصورت دیگر کاروائی یکطرفہ عمل میں لائی جائے گی۔ تمام عوام الناس کو اطلاع دی جاتی ہے کہ اس سلسلے میں کسی کو کوئی اعتراض ہو تو وہ دفتر م
منجانب: درخواست
جبنمبر57
مقدمہ بالا میں مسئول علیہ کی تعمیل معمولی طریقہ سے نہیں ہو سکتی ہے اس لئے بذریعہ اشتہار اخبار ہذا مطلع کیا جاتا ہے کہ مورخہ مقررہ پر اصالتاً یا وکالتاً حاضر عدالت ہو کر جواب دعویٰ داخل کریں بصورت دیگر کاروائی یکطرفہ عمل میں لائی جائے گی۔ تمام عوام الناس کو اطلاع دی جاتی ہے کہ اس سلسلے میں کسی کو کوئی اعتراض ہو تو وہ دفتر میں حاضر ہو کر اپنا اعتراض درج کرائے۔ ضلع ایبٹ آباد ہزارہ ڈویژن میں مختلف محکموں کی جانب سے جاری کردہ اعلانات اور اشتہارات کے مطابق مقدمہ بالا میں مسئول علیہ کی تع
جبنمبر58
مقدمہ بالا میں مسئول علیہ کی تعمیل معمولی طریقہ سے نہیں ہو سکتی ہے اس لئے بذریعہ اشتہار اخبار ہذا مطلع کیا جاتا ہے کہ مورخہ مقررہ پر اصالتاً یا وکالتاً حاضر عدالت ہو کر جواب دعویٰ داخل کریں بصورت دیگر کاروائی یکطرفہ عمل میں لائی جائے گی۔ تمام عوام الناس کو اطلاع دی جاتی ہے کہ اس سلسلے میں کسی کو کوئی اعتراض ہو تو وہ دفتر میں حاضر ہو کر اپنا اعتراض درج کرائے۔ ضلع ایبٹ آباد ہزارہ ڈویژن میں مختلف محکموں کی جانب سے جاری کردہ اعلانات اور اشتہارات کے مطابق مقدمہ بالا میں مسئول علیہ کی تعمیل معمولی طریقہ سے نہیں ہو سکتی ہے اس لئے بذریعہ اشتہار اخبار ہذا مطلع کیا جاتا ہے کہ مورخہ مقررہ پر اصالتاً یا وکالتاً حاضر عدالت ہو کر جواب دعویٰ داخل کریں بصورت دیگر کاروائی یکطرفہ عمل میں لائی جائے گی۔ تمام عوام
جبنمبر59
مقدمہ بالا میں مسئول علیہ کی تعمیل معمولی طریقہ سے نہیں ہو سکتی ہے اس لئے بذریعہ اشتہار اخبار ہذا مطلع کیا ج
جبنمبر60
مقدمہ بالا میں مسئول علیہ کی تعمیل معمولی طریقہ سے نہیں ہو سکتی ہے اس لئے بذریعہ اشتہار اخبار ہذا مطلع کیا جاتا ہے کہ مورخہ مقررہ پر اصالتاً یا وکالتاً حاضر عدالت ہو کر جواب دعویٰ داخل کریں بصورت دیگر کاروائی یکطرفہ عمل میں لائی جائے گی۔ تمام عوام الناس کو اطلاع دی جاتی ہے کہ اس سلسلے میں کسی کو کوئی اعتراض ہو تو وہ دفتر م
